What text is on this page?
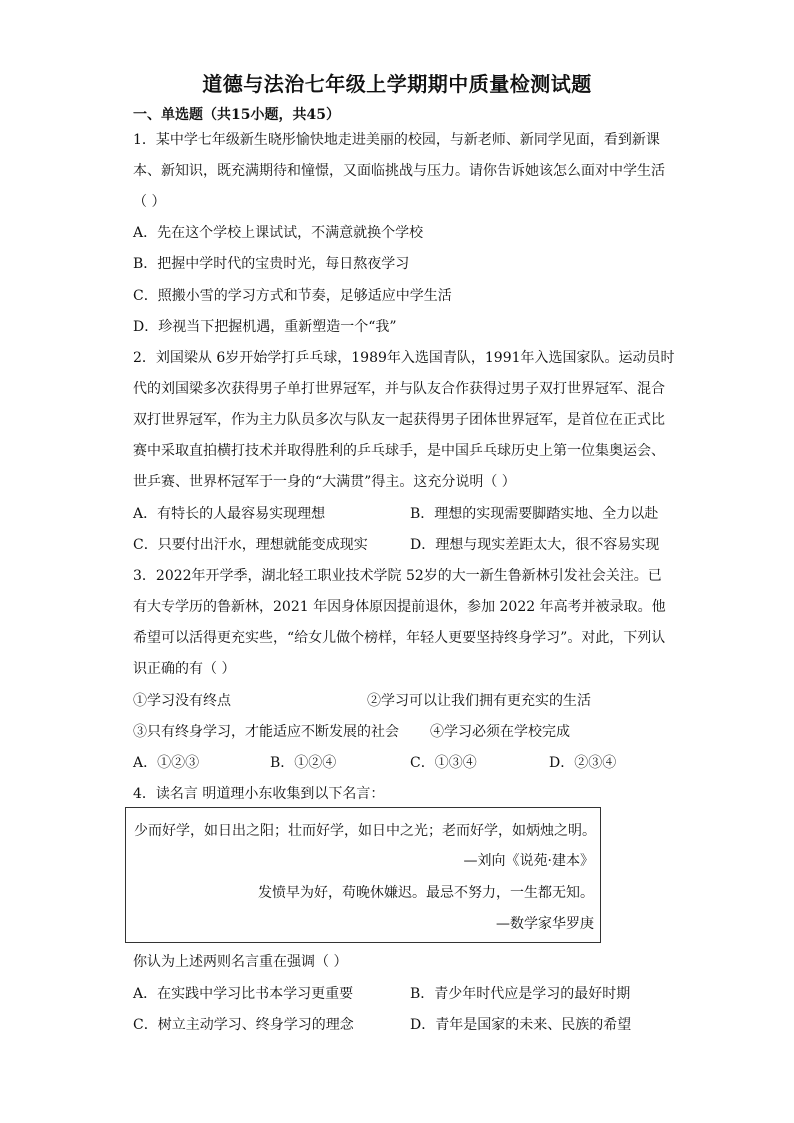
道德与法治七年级上学期期中质量检测试题
一、单选题（共15小题，共45）
1．某中学七年级新生晓彤愉快地走进美丽的校园，与新老师、新同学见面，看到新课
本、新知识，既充满期待和憧憬，又面临挑战与压力。请你告诉她该怎么面对中学生活
（ ）
A．先在这个学校上课试试，不满意就换个学校
B．把握中学时代的宝贵时光，每日熬夜学习
C．照搬小雪的学习方式和节奏，足够适应中学生活
D．珍视当下把握机遇，重新塑造一个“我”
2．刘国梁从 6岁开始学打乒乓球，1989年入选国青队，1991年入选国家队。运动员时
代的刘国梁多次获得男子单打世界冠军，并与队友合作获得过男子双打世界冠军、混合
双打世界冠军，作为主力队员多次与队友一起获得男子团体世界冠军，是首位在正式比
赛中采取直拍横打技术并取得胜利的乒乓球手，是中国乒乓球历史上第一位集奥运会、
世乒赛、世界杯冠军于一身的“大满贯”得主。这充分说明（ ）
A．有特长的人最容易实现理想	B．理想的实现需要脚踏实地、全力以赴
C．只要付出汗水，理想就能变成现实	D．理想与现实差距太大，很不容易实现
3．2022年开学季，湖北轻工职业技术学院 52岁的大一新生鲁新林引发社会关注。已
有大专学历的鲁新林，2021 年因身体原因提前退休，参加 2022 年高考并被录取。他
希望可以活得更充实些，“给女儿做个榜样，年轻人更要坚持终身学习”。对此，下列认
识正确的有（ ）
①学习没有终点	②学习可以让我们拥有更充实的生活
③只有终身学习，才能适应不断发展的社会 ④学习必须在学校完成
A．①②③	B．①②④	C．①③④	D．②③④
4．读名言 明道理小东收集到以下名言：
少而好学，如日出之阳；壮而好学，如日中之光；老而好学，如炳烛之明。
—刘向《说苑·建本》
发愤早为好，苟晚休嫌迟。最忌不努力，一生都无知。
—数学家华罗庚
你认为上述两则名言重在强调（ ）
A．在实践中学习比书本学习更重要	B．青少年时代应是学习的最好时期
C．树立主动学习、终身学习的理念	D．青年是国家的未来、民族的希望
